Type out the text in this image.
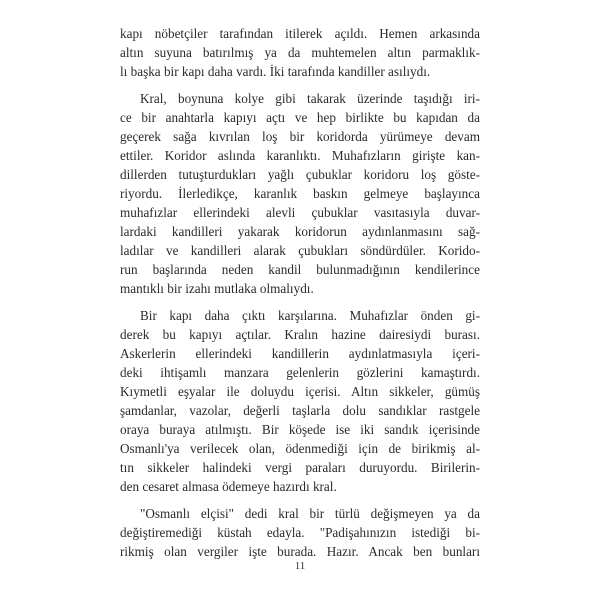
kapı nöbetçiler tarafından itilerek açıldı. Hemen arkasında
altın suyuna batırılmış ya da muhtemelen altın parmaklık-
lı başka bir kapı daha vardı. İki tarafında kandiller asılıydı.
Kral, boynuna kolye gibi takarak üzerinde taşıdığı iri-
ce bir anahtarla kapıyı açtı ve hep birlikte bu kapıdan da
geçerek sağa kıvrılan loş bir koridorda yürümeye devam
ettiler. Koridor aslında karanlıktı. Muhafızların girişte kan-
dillerden tutuşturdukları yağlı çubuklar koridoru loş göste-
riyordu. İlerledikçe, karanlık baskın gelmeye başlayınca
muhafızlar ellerindeki alevli çubuklar vasıtasıyla duvar-
lardaki kandilleri yakarak koridorun aydınlanmasını sağ-
ladılar ve kandilleri alarak çubukları söndürdüler. Korido-
run başlarında neden kandil bulunmadığının kendilerince
mantıklı bir izahı mutlaka olmalıydı.
Bir kapı daha çıktı karşılarına. Muhafızlar önden gi-
derek bu kapıyı açtılar. Kralın hazine dairesiydi burası.
Askerlerin ellerindeki kandillerin aydınlatmasıyla içeri-
deki ihtişamlı manzara gelenlerin gözlerini kamaştırdı.
Kıymetli eşyalar ile doluydu içerisi. Altın sikkeler, gümüş
şamdanlar, vazolar, değerli taşlarla dolu sandıklar rastgele
oraya buraya atılmıştı. Bir köşede ise iki sandık içerisinde
Osmanlı'ya verilecek olan, ödenmediği için de birikmiş al-
tın sikkeler halindeki vergi paraları duruyordu. Birilerin-
den cesaret almasa ödemeye hazırdı kral.
"Osmanlı elçisi" dedi kral bir türlü değişmeyen ya da
değiştiremediği küstah edayla. "Padişahınızın istediği bi-
rikmiş olan vergiler işte burada. Hazır. Ancak ben bunları
11
